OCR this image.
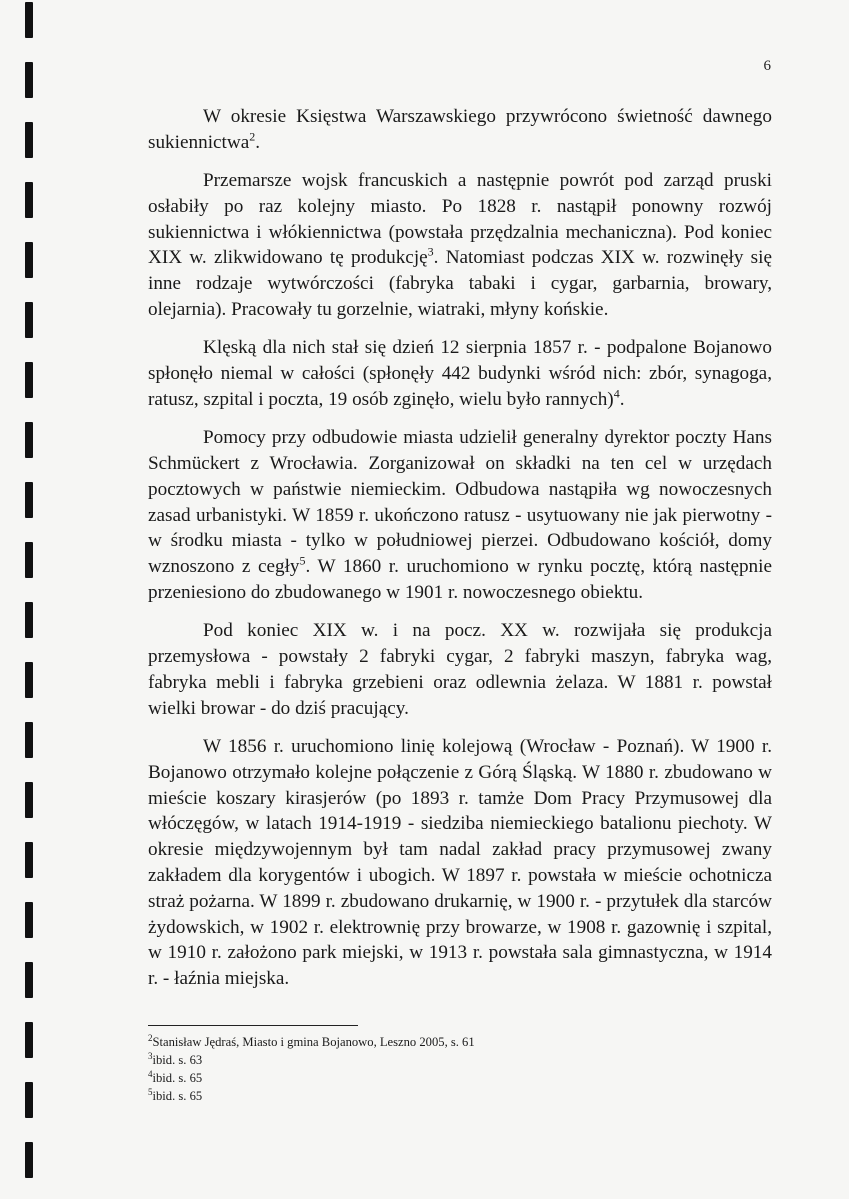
6

W okresie Księstwa Warszawskiego przywrócono świetność dawnego sukiennictwa$^2$.

Przemarsze wojsk francuskich a następnie powrót pod zarząd pruski osłabiły po raz kolejny miasto. Po 1828 r. nastąpił ponowny rozwój sukiennictwa i włókiennictwa (powstała przędzalnia mechaniczna). Pod koniec XIX w. zlikwidowano tę produkcję$^3$. Natomiast podczas XIX w. rozwinęły się inne rodzaje wytwórczości (fabryka tabaki i cygar, garbarnia, browary, olejarnia). Pracowały tu gorzelnie, wiatraki, młyny końskie.

Klęską dla nich stał się dzień 12 sierpnia 1857 r. - podpalone Bojanowo spłonęło niemal w całości (spłonęły 442 budynki wśród nich: zbór, synagoga, ratusz, szpital i poczta, 19 osób zginęło, wielu było rannych)$^4$.

Pomocy przy odbudowie miasta udzielił generalny dyrektor poczty Hans Schmückert z Wrocławia. Zorganizował on składki na ten cel w urzędach pocztowych w państwie niemieckim. Odbudowa nastąpiła wg nowoczesnych zasad urbanistyki. W 1859 r. ukończono ratusz - usytuowany nie jak pierwotny - w środku miasta - tylko w południowej pierzei. Odbudowano kościół, domy wznoszono z cegły$^5$. W 1860 r. uruchomiono w rynku pocztę, którą następnie przeniesiono do zbudowanego w 1901 r. nowoczesnego obiektu.

Pod koniec XIX w. i na pocz. XX w. rozwijała się produkcja przemysłowa - powstały 2 fabryki cygar, 2 fabryki maszyn, fabryka wag, fabryka mebli i fabryka grzebieni oraz odlewnia żelaza. W 1881 r. powstał wielki browar - do dziś pracujący.

W 1856 r. uruchomiono linię kolejową (Wrocław - Poznań). W 1900 r. Bojanowo otrzymało kolejne połączenie z Górą Śląską. W 1880 r. zbudowano w mieście koszary kirasjerów (po 1893 r. tamże Dom Pracy Przymusowej dla włóczęgów, w latach 1914-1919 - siedziba niemieckiego batalionu piechoty. W okresie międzywojennym był tam nadal zakład pracy przymusowej zwany zakładem dla korygentów i ubogich. W 1897 r. powstała w mieście ochotnicza straż pożarna. W 1899 r. zbudowano drukarnię, w 1900 r. - przytułek dla starców żydowskich, w 1902 r. elektrownię przy browarze, w 1908 r. gazownię i szpital, w 1910 r. założono park miejski, w 1913 r. powstała sala gimnastyczna, w 1914 r. - łaźnia miejska.

$^2$Stanisław Jędraś, Miasto i gmina Bojanowo, Leszno 2005, s. 61
$^3$ibid. s. 63
$^4$ibid. s. 65
$^5$ibid. s. 65
